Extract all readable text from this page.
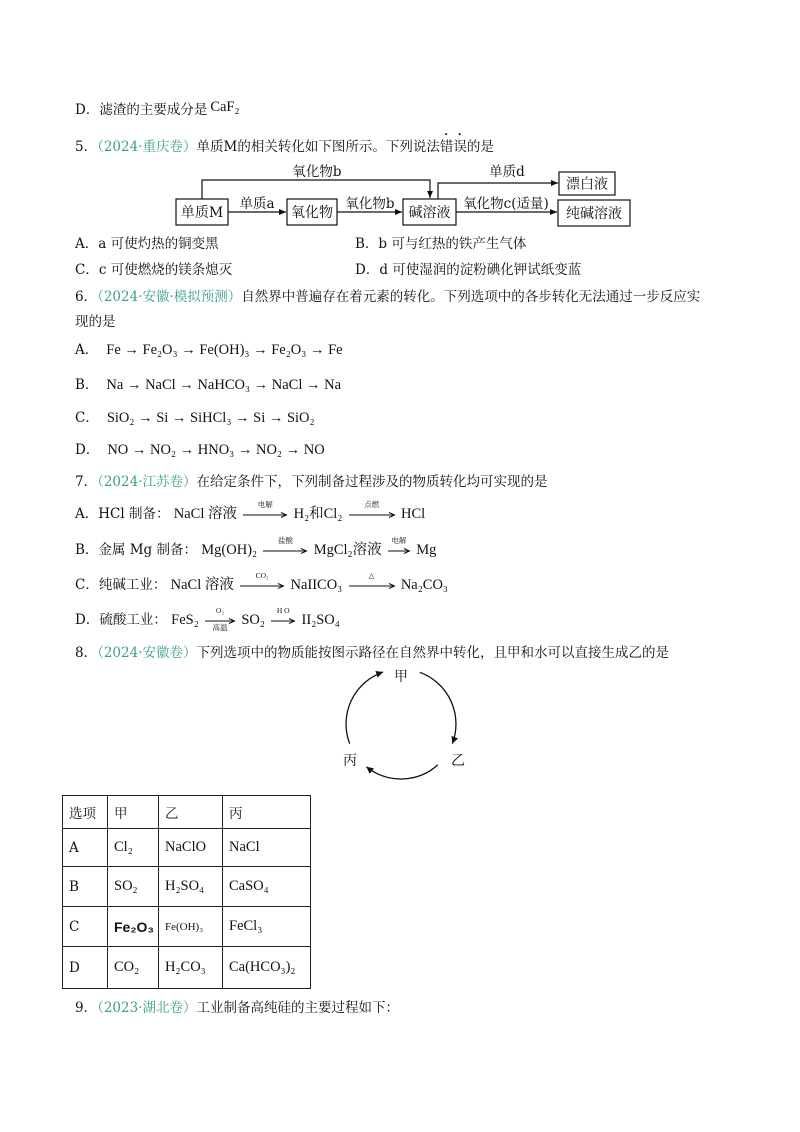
D．滤渣的主要成分是 CaF₂
5．（2024·重庆卷）单质M的相关转化如下图所示。下列说法错误的是
单质M	氧化物	碱溶液	纯碱溶液
漂白液
单质a	氧化物b	氧化物c(适量)
氧化物b	单质d
A．a 可使灼热的铜变黑	B．b 可与红热的铁产生气体
C．c 可使燃烧的镁条熄灭	D．d 可使湿润的淀粉碘化钾试纸变蓝
6．（2024·安徽·模拟预测）自然界中普遍存在着元素的转化。下列选项中的各步转化无法通过一步反应实
现的是
A． Fe → Fe₂O₃ → Fe(OH)₃ → Fe₂O₃ → Fe
B． Na → NaCl → NaHCO₃ → NaCl → Na
C． SiO₂ → Si → SiHCl₃ → Si → SiO₂
D． NO → NO₂ → HNO₃ → NO₂ → NO
7．（2024·江苏卷）在给定条件下，下列制备过程涉及的物质转化均可实现的是
A．HCl 制备： NaCl 溶液
电解
H₂和Cl₂
点燃
HCl
B．金属 Mg 制备： Mg(OH)₂
盐酸
MgCl₂溶液
电解
Mg
C．纯碱工业： NaCl 溶液
CO₂
NaIICO₃
△
Na₂CO₃
D．硫酸工业： FeS₂
O₂
高温 SO₂
H O
II₂SO₄
8．（2024·安徽卷）下列选项中的物质能按图示路径在自然界中转化，且甲和水可以直接生成乙的是
甲
乙
丙
选项	甲	乙	丙
A	Cl₂	NaClO	NaCl
B	SO₂	H₂SO₄	CaSO₄
C	Fe₂O₃	Fe(OH)₃	FeCl₃
D	CO₂	H₂CO₃	Ca(HCO₃)₂
9．（2023·湖北卷）工业制备高纯硅的主要过程如下：
